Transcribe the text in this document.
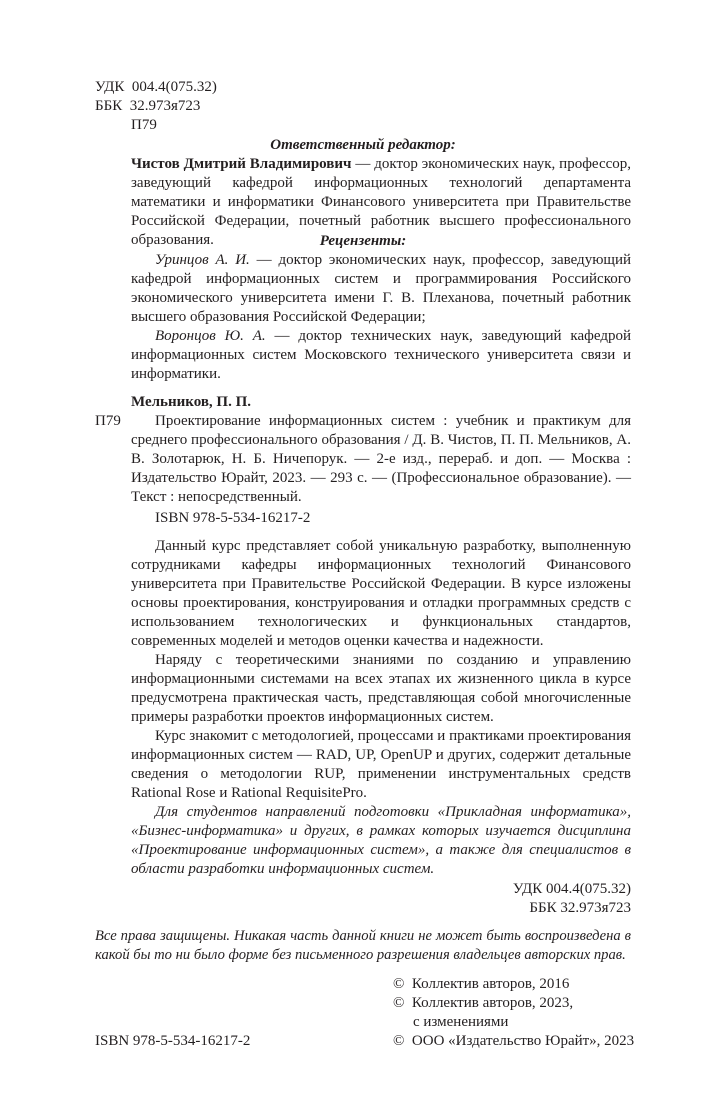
УДК  004.4(075.32)
ББК  32.973я723
П79
Ответственный редактор:

Чистов Дмитрий Владимирович — доктор экономических наук, профессор, заведующий кафедрой информационных технологий департамента математики и информатики Финансового университета при Правительстве Российской Федерации, почетный работник высшего профессионального образования.	Рецензенты:

Уринцов А. И. — доктор экономических наук, профессор, заведующий кафедрой информационных систем и программирования Российского экономического университета имени Г. В. Плеханова, почетный работник высшего образования Российской Федерации;

Воронцов Ю. А. — доктор технических наук, заведующий кафедрой информационных систем Московского технического университета связи и информатики.

Мельников, П. П.
П79	Проектирование информационных систем : учебник и практикум для среднего профессионального образования / Д. В. Чистов, П. П. Мельников, А. В. Золотарюк, Н. Б. Ничепорук. — 2-е изд., перераб. и доп. — Москва : Издательство Юрайт, 2023. — 293 с. — (Профессиональное образование). — Текст : непосредственный.

ISBN 978-5-534-16217-2

Данный курс представляет собой уникальную разработку, выполненную сотрудниками кафедры информационных технологий Финансового университета при Правительстве Российской Федерации. В курсе изложены основы проектирования, конструирования и отладки программных средств с использованием технологических и функциональных стандартов, современных моделей и методов оценки качества и надежности.

Наряду с теоретическими знаниями по созданию и управлению информационными системами на всех этапах их жизненного цикла в курсе предусмотрена практическая часть, представляющая собой многочисленные примеры разработки проектов информационных систем.

Курс знакомит с методологией, процессами и практиками проектирования информационных систем — RAD, UP, OpenUP и других, содержит детальные сведения о методологии RUP, применении инструментальных средств Rational Rose и Rational RequisitePro.

Для студентов направлений подготовки «Прикладная информатика», «Бизнес-информатика» и других, в рамках которых изучается дисциплина «Проектирование информационных систем», а также для специалистов в области разработки информационных систем.

УДК 004.4(075.32)
ББК 32.973я723

Все права защищены. Никакая часть данной книги не может быть воспроизведена в какой бы то ни было форме без письменного разрешения владельцев авторских прав.

© Коллектив авторов, 2016
© Коллектив авторов, 2023,
с изменениями
© ООО «Издательство Юрайт», 2023
ISBN 978-5-534-16217-2
